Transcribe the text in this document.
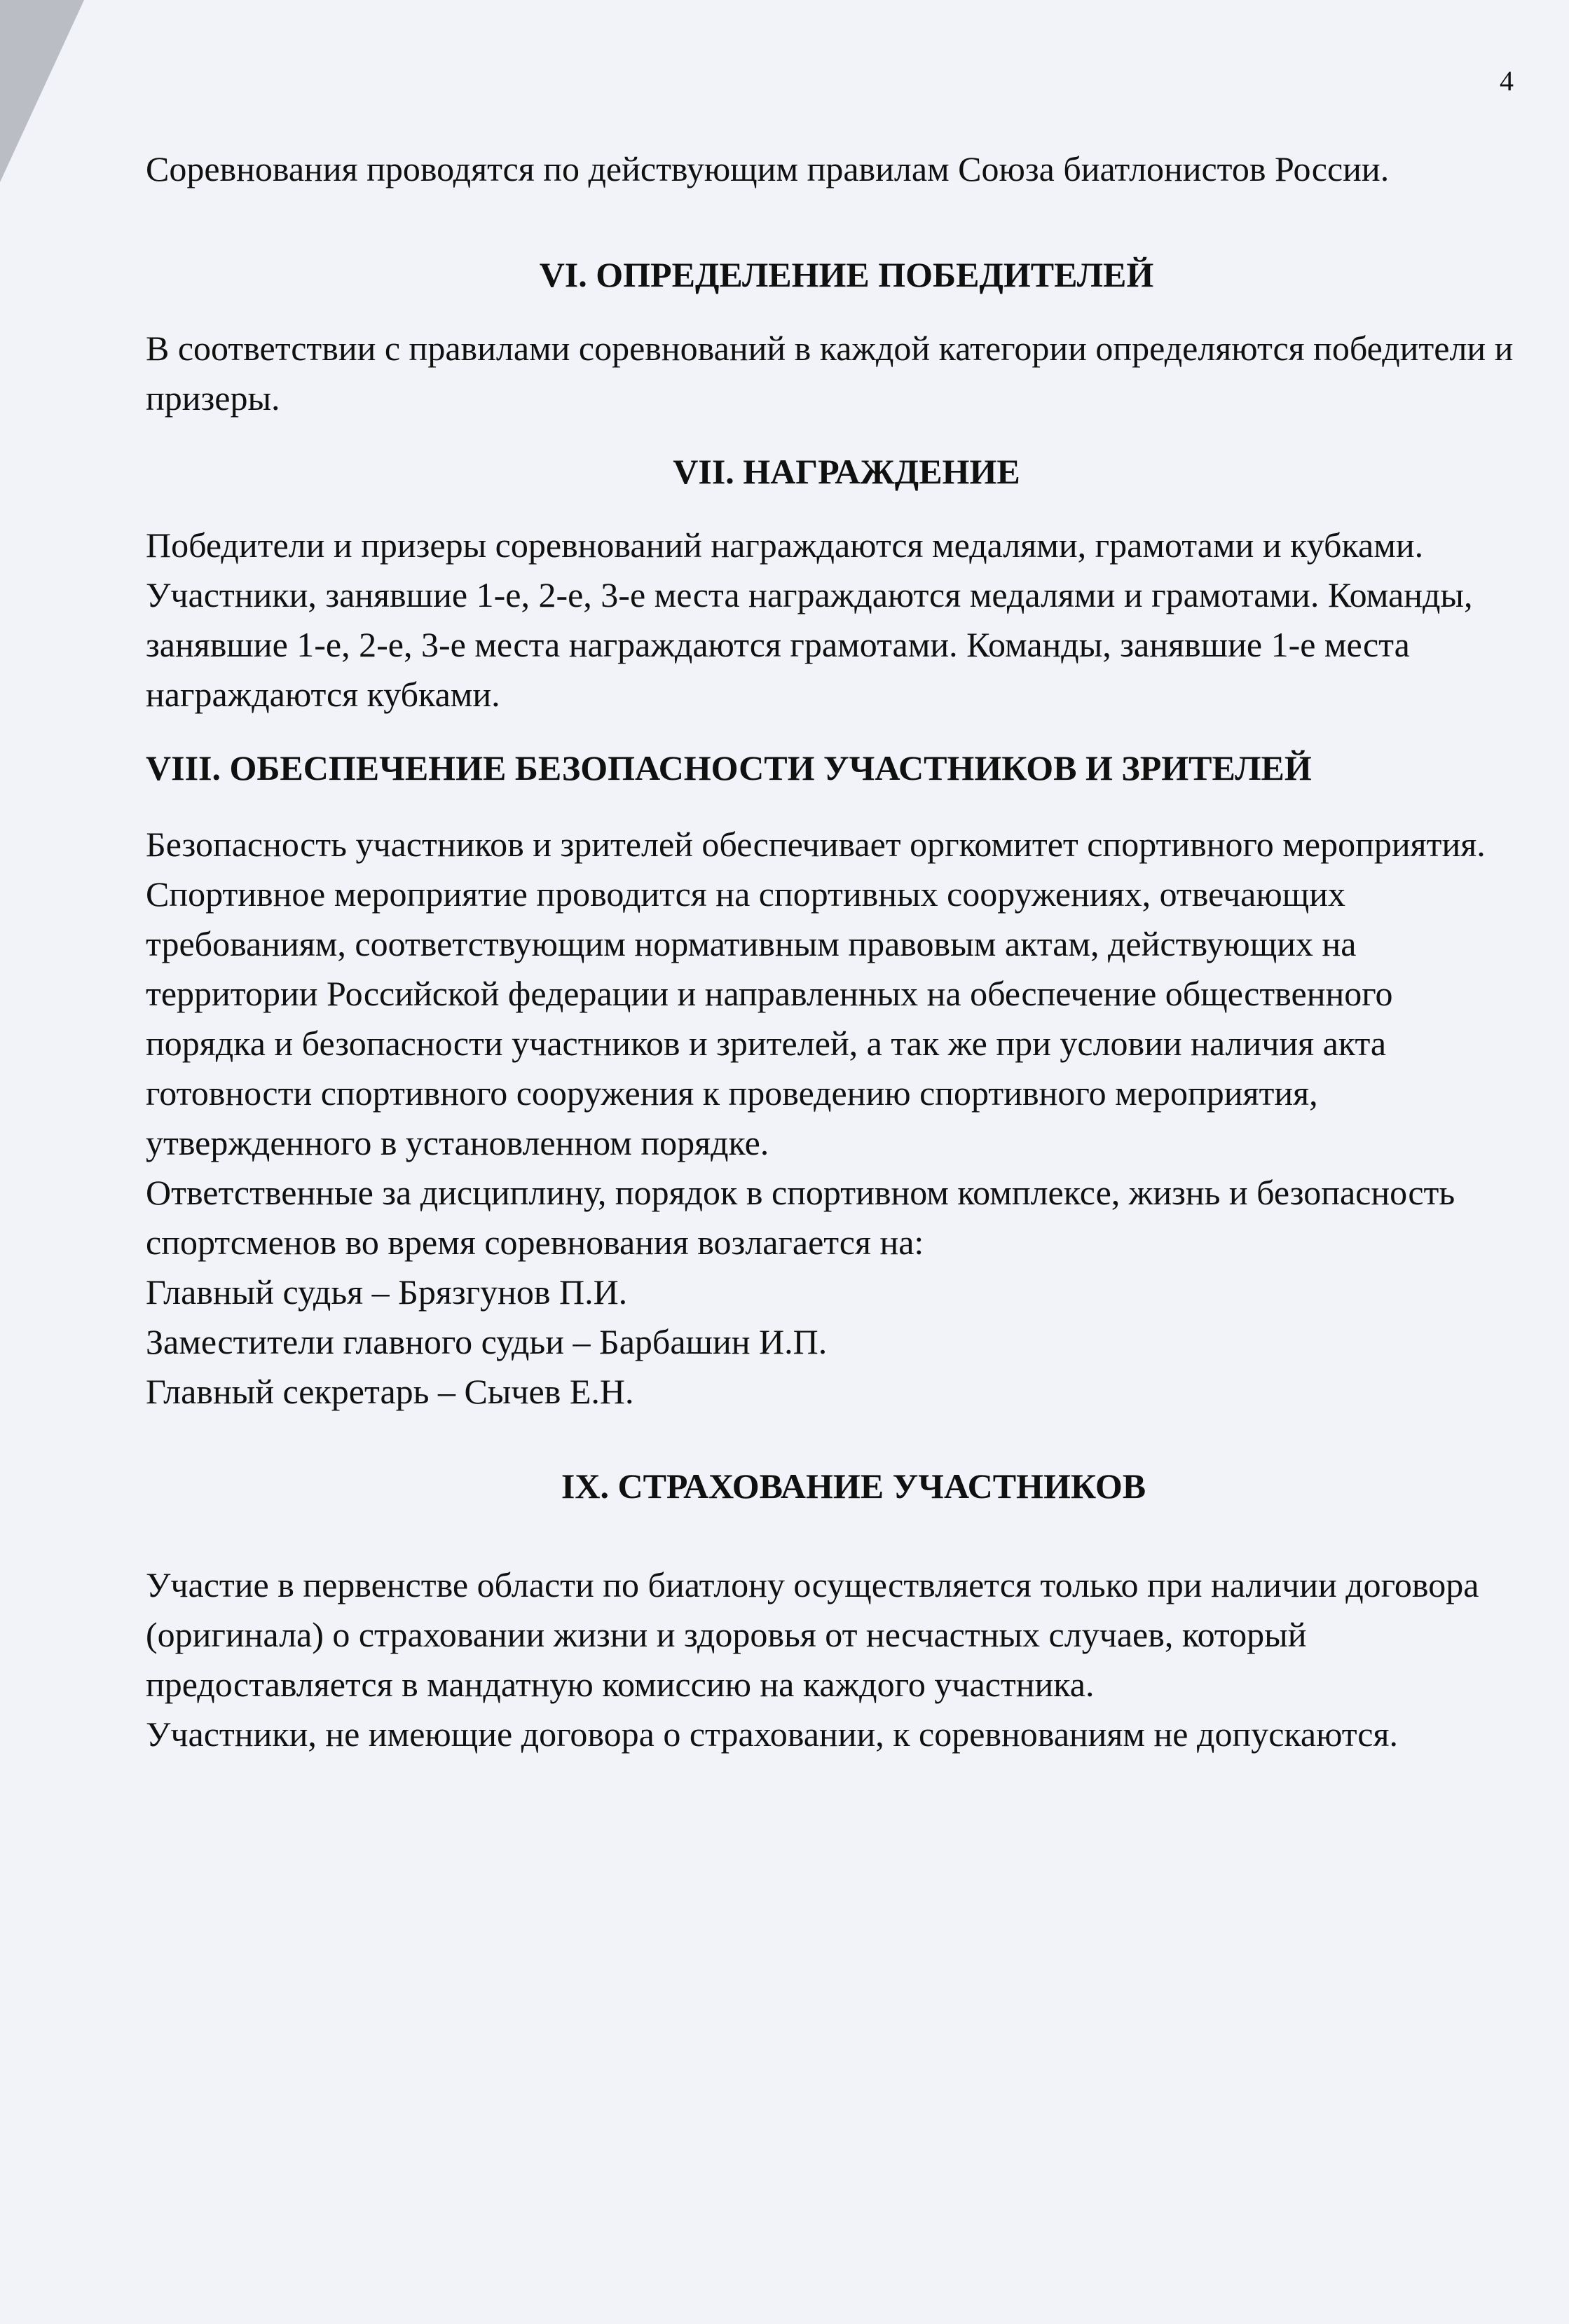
4

Соревнования проводятся по действующим правилам Союза биатлонистов России.

VI. ОПРЕДЕЛЕНИЕ ПОБЕДИТЕЛЕЙ

В соответствии с правилами соревнований в каждой категории определяются победители и призеры.

VII. НАГРАЖДЕНИЕ

Победители и призеры соревнований награждаются медалями, грамотами и кубками. Участники, занявшие 1-е, 2-е, 3-е места награждаются медалями и грамотами. Команды, занявшие 1-е, 2-е, 3-е места награждаются грамотами. Команды, занявшие 1-е места награждаются кубками.

VIII. ОБЕСПЕЧЕНИЕ БЕЗОПАСНОСТИ УЧАСТНИКОВ И ЗРИТЕЛЕЙ

Безопасность участников и зрителей обеспечивает оргкомитет спортивного мероприятия. Спортивное мероприятие проводится на спортивных сооружениях, отвечающих требованиям, соответствующим нормативным правовым актам, действующих на территории Российской федерации и направленных на обеспечение общественного порядка и безопасности участников и зрителей, а так же при условии наличия акта готовности спортивного сооружения к проведению спортивного мероприятия, утвержденного в установленном порядке.

Ответственные за дисциплину, порядок в спортивном комплексе, жизнь и безопасность спортсменов во время соревнования возлагается на:

Главный судья – Брязгунов П.И.

Заместители главного судьи – Барбашин И.П.

Главный секретарь – Сычев Е.Н.

IX. СТРАХОВАНИЕ УЧАСТНИКОВ

Участие в первенстве области по биатлону осуществляется только при наличии договора (оригинала) о страховании жизни и здоровья от несчастных случаев, который предоставляется в мандатную комиссию на каждого участника.

Участники, не имеющие договора о страховании, к соревнованиям не допускаются.
